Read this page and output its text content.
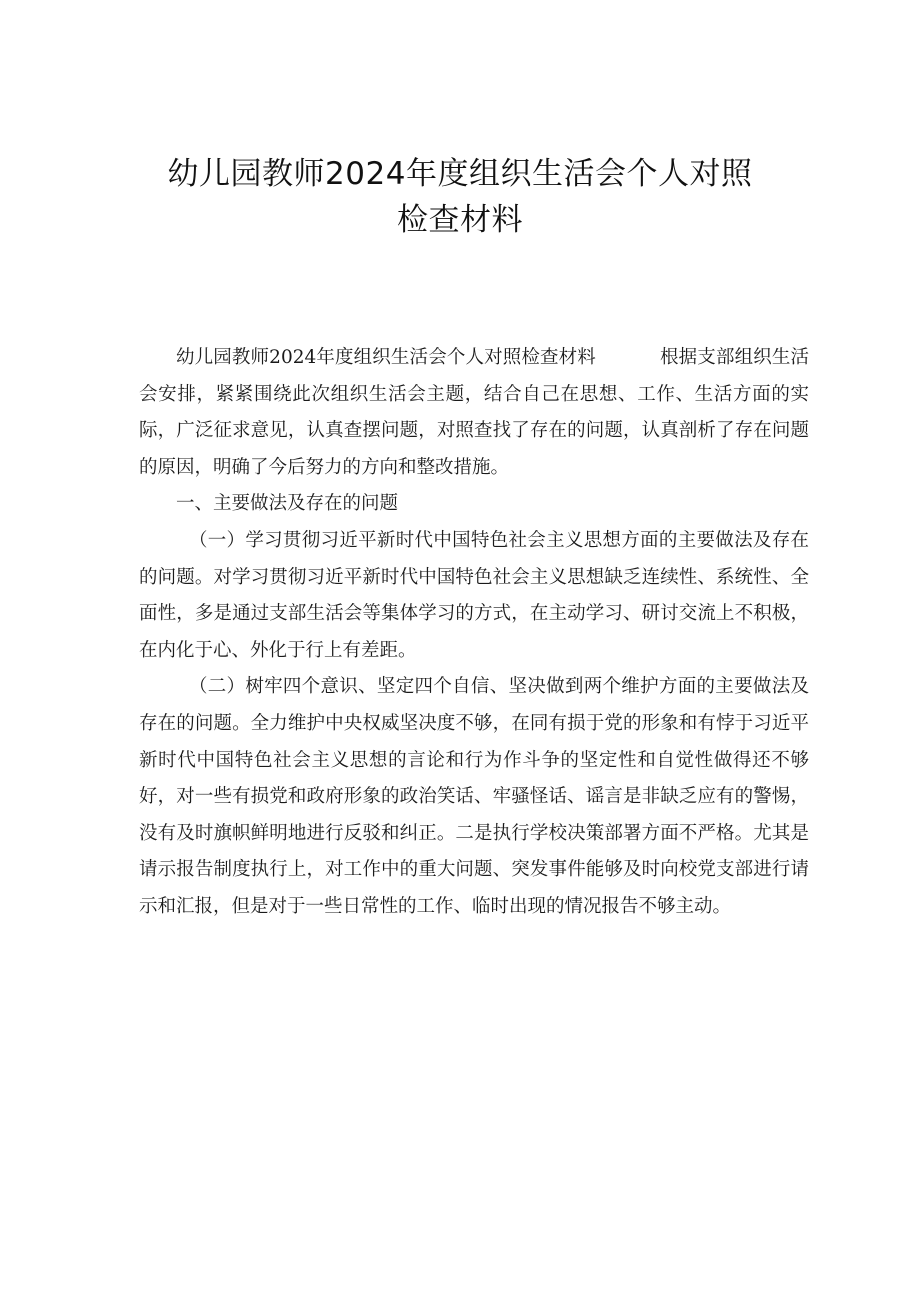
幼儿园教师2024年度组织生活会个人对照
检查材料

幼儿园教师2024年度组织生活会个人对照检查材料	根据支部组织生活会安排，紧紧围绕此次组织生活会主题，结合自己在思想、工作、生活方面的实际，广泛征求意见，认真查摆问题，对照查找了存在的问题，认真剖析了存在问题的原因，明确了今后努力的方向和整改措施。

一、主要做法及存在的问题

（一）学习贯彻习近平新时代中国特色社会主义思想方面的主要做法及存在的问题。对学习贯彻习近平新时代中国特色社会主义思想缺乏连续性、系统性、全面性，多是通过支部生活会等集体学习的方式，在主动学习、研讨交流上不积极，在内化于心、外化于行上有差距。

（二）树牢四个意识、坚定四个自信、坚决做到两个维护方面的主要做法及存在的问题。全力维护中央权威坚决度不够，在同有损于党的形象和有悖于习近平新时代中国特色社会主义思想的言论和行为作斗争的坚定性和自觉性做得还不够好，对一些有损党和政府形象的政治笑话、牢骚怪话、谣言是非缺乏应有的警惕，没有及时旗帜鲜明地进行反驳和纠正。二是执行学校决策部署方面不严格。尤其是请示报告制度执行上，对工作中的重大问题、突发事件能够及时向校党支部进行请示和汇报，但是对于一些日常性的工作、临时出现的情况报告不够主动。
